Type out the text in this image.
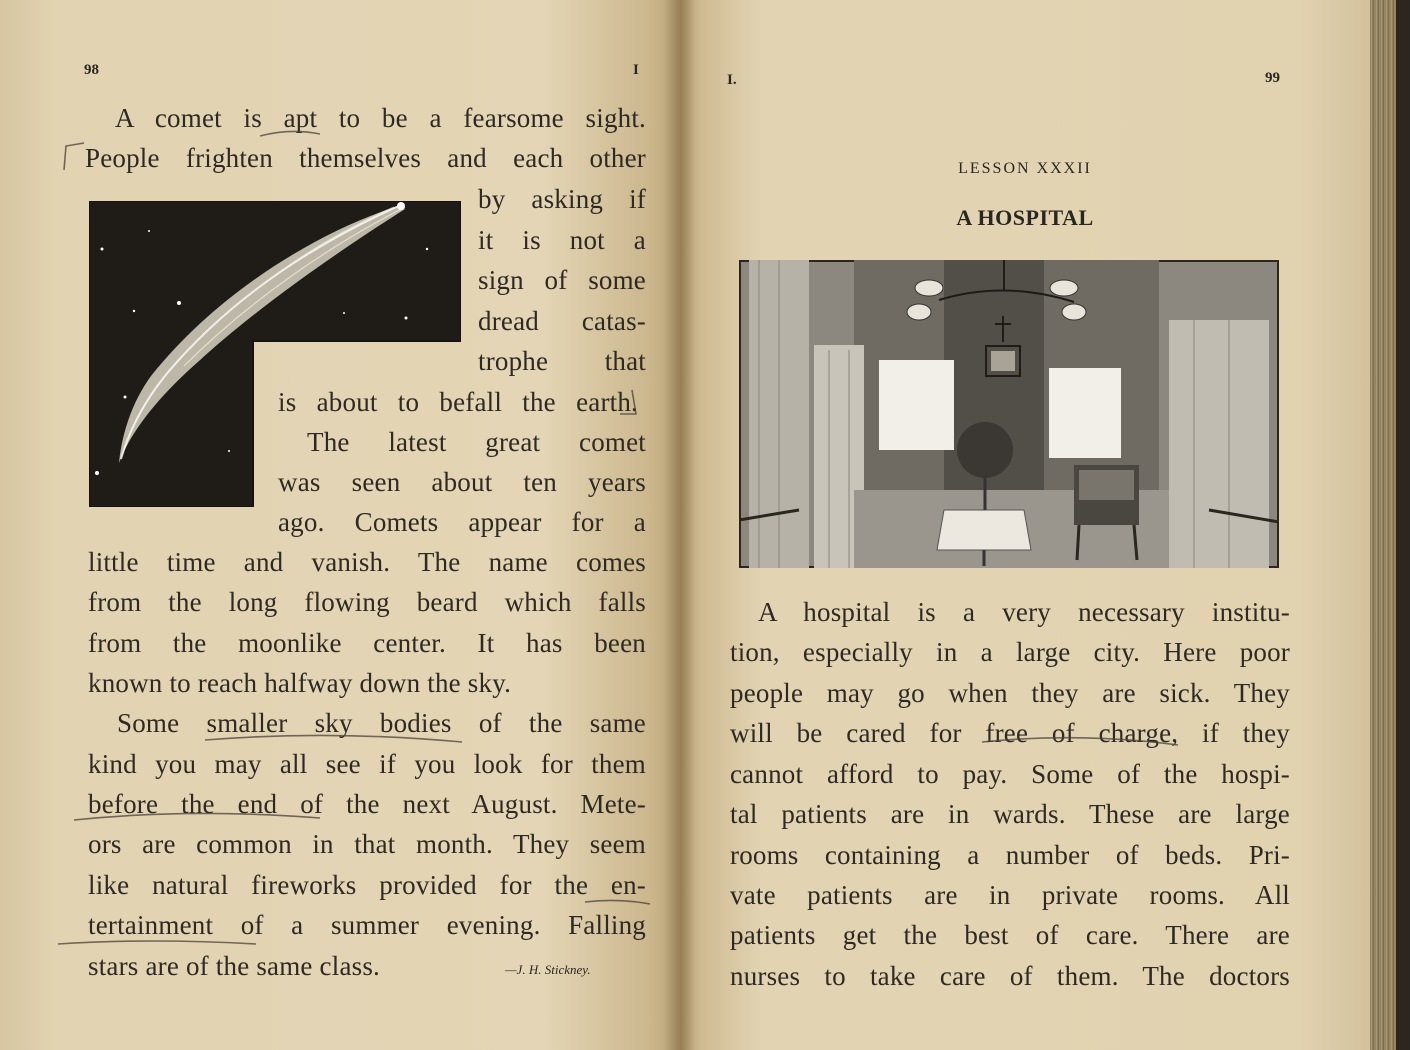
98	I
A comet is apt to be a fearsome sight.
People frighten themselves and each other
by asking if
it is not a
sign of some
dread catas-
trophe that
is about to befall the earth.
The latest great comet
was seen about ten years
ago. Comets appear for a
little time and vanish. The name comes
from the long flowing beard which falls
from the moonlike center. It has been
known to reach halfway down the sky.
Some smaller sky bodies of the same
kind you may all see if you look for them
before the end of the next August. Mete-
ors are common in that month. They seem
like natural fireworks provided for the en-
tertainment of a summer evening. Falling
stars are of the same class.	—J. H. Stickney.
I.	99
LESSON XXXII
A HOSPITAL
A hospital is a very necessary institu-
tion, especially in a large city. Here poor
people may go when they are sick. They
will be cared for free of charge, if they
cannot afford to pay. Some of the hospi-
tal patients are in wards. These are large
rooms containing a number of beds. Pri-
vate patients are in private rooms. All
patients get the best of care. There are
nurses to take care of them. The doctors
